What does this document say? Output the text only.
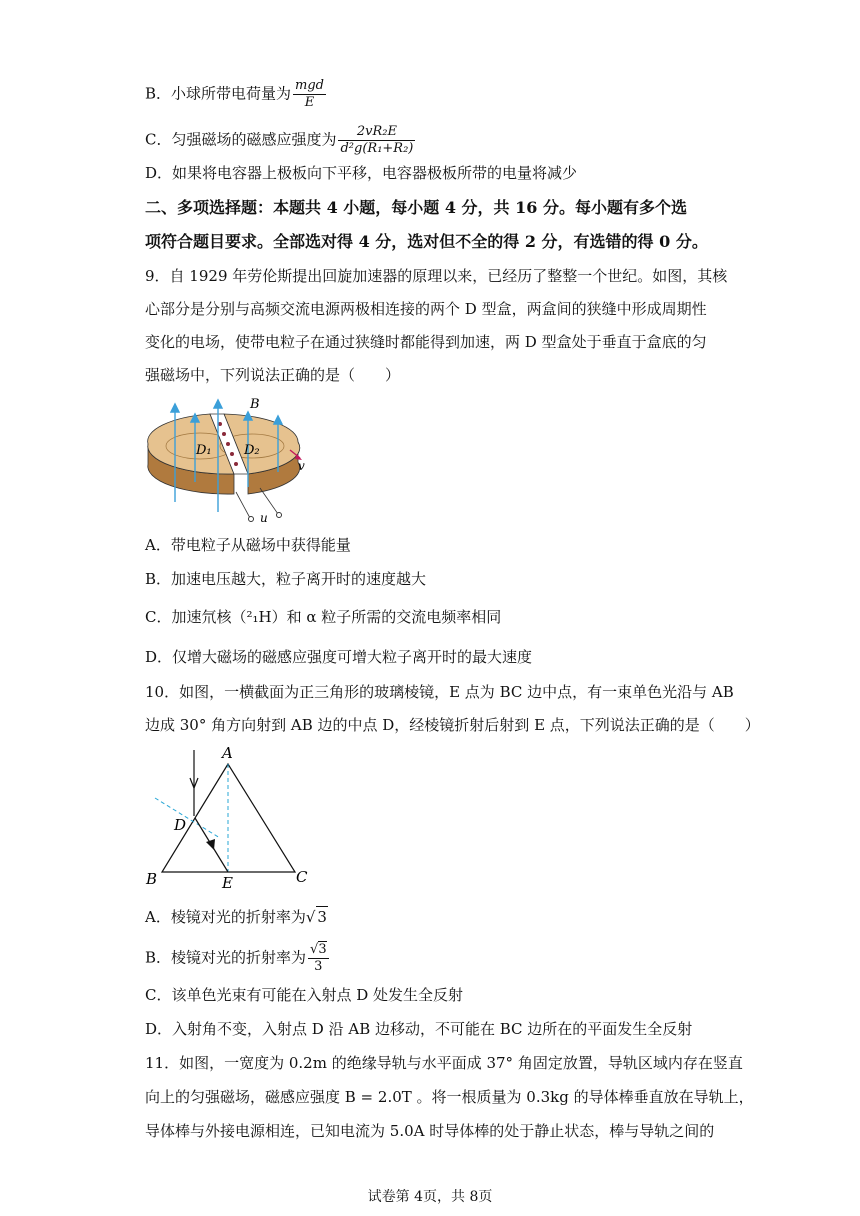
B．小球所带电荷量为 $\frac{\text{mgd}}{E}$
C．匀强磁场的磁感应强度为 $\frac{\text{2vR₂E}}{\text{d²g(R₁+R₂)}}$
D．如果将电容器上极板向下平移，电容器极板所带的电量将减少
二、多项选择题：本题共 4 小题，每小题 4 分，共 16 分。每小题有多个选
项符合题目要求。全部选对得 4 分，选对但不全的得 2 分，有选错的得 0 分。
9．自 1929 年劳伦斯提出回旋加速器的原理以来，已经历了整整一个世纪。如图，其核
心部分是分别与高频交流电源两极相连接的两个 D 型盒，两盒间的狭缝中形成周期性
变化的电场，使带电粒子在通过狭缝时都能得到加速，两 D 型盒处于垂直于盒底的匀
强磁场中，下列说法正确的是（　　）
B
D₁ D₂
v
u
A．带电粒子从磁场中获得能量
B．加速电压越大，粒子离开时的速度越大
C．加速氘核（²₁H）和 α 粒子所需的交流电频率相同
D．仅增大磁场的磁感应强度可增大粒子离开时的最大速度
10．如图，一横截面为正三角形的玻璃棱镜，E 点为 BC 边中点，有一束单色光沿与 AB
边成 30° 角方向射到 AB 边的中点 D，经棱镜折射后射到 E 点，下列说法正确的是（　　）
A
B	C
D
E
A．棱镜对光的折射率为√ 3
B．棱镜对光的折射率为 $\frac{√3}{3}$
C．该单色光束有可能在入射点 D 处发生全反射
D．入射角不变，入射点 D 沿 AB 边移动，不可能在 BC 边所在的平面发生全反射
11．如图，一宽度为 0.2m 的绝缘导轨与水平面成 37° 角固定放置，导轨区域内存在竖直
向上的匀强磁场，磁感应强度 B = 2.0T 。将一根质量为 0.3kg 的导体棒垂直放在导轨上，
导体棒与外接电源相连，已知电流为 5.0A 时导体棒的处于静止状态，棒与导轨之间的
试卷第 4页，共 8页
